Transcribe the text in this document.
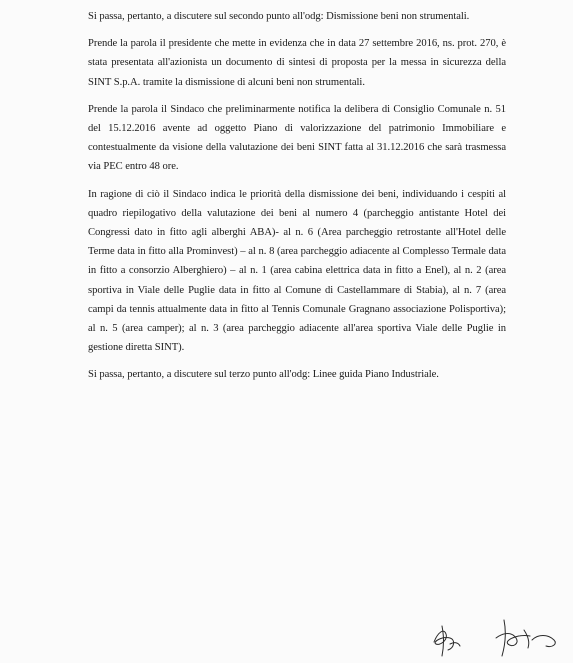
Si passa, pertanto, a discutere sul secondo punto all'odg: Dismissione beni non strumentali.

Prende la parola il presidente che mette in evidenza che in data 27 settembre 2016, ns. prot. 270, è stata presentata all'azionista un documento di sintesi di proposta per la messa in sicurezza della SINT S.p.A. tramite la dismissione di alcuni beni non strumentali.

Prende la parola il Sindaco che preliminarmente notifica la delibera di Consiglio Comunale n. 51 del 15.12.2016 avente ad oggetto Piano di valorizzazione del patrimonio Immobiliare e contestualmente da visione della valutazione dei beni SINT fatta al 31.12.2016 che sarà trasmessa via PEC entro 48 ore.

In ragione di ciò il Sindaco indica le priorità della dismissione dei beni, individuando i cespiti al quadro riepilogativo della valutazione dei beni al numero 4 (parcheggio antistante Hotel dei Congressi dato in fitto agli alberghi ABA)- al n. 6 (Area parcheggio retrostante all'Hotel delle Terme data in fitto alla Prominvest) – al n. 8 (area parcheggio adiacente al Complesso Termale data in fitto a consorzio Alberghiero) – al n. 1 (area cabina elettrica data in fitto a Enel), al n. 2 (area sportiva in Viale delle Puglie data in fitto al Comune di Castellammare di Stabia), al n. 7 (area campi da tennis attualmente data in fitto al Tennis Comunale Gragnano associazione Polisportiva); al n. 5 (area camper); al n. 3 (area parcheggio adiacente all'area sportiva Viale delle Puglie in gestione diretta SINT).

Si passa, pertanto, a discutere sul terzo punto all'odg: Linee guida Piano Industriale.
